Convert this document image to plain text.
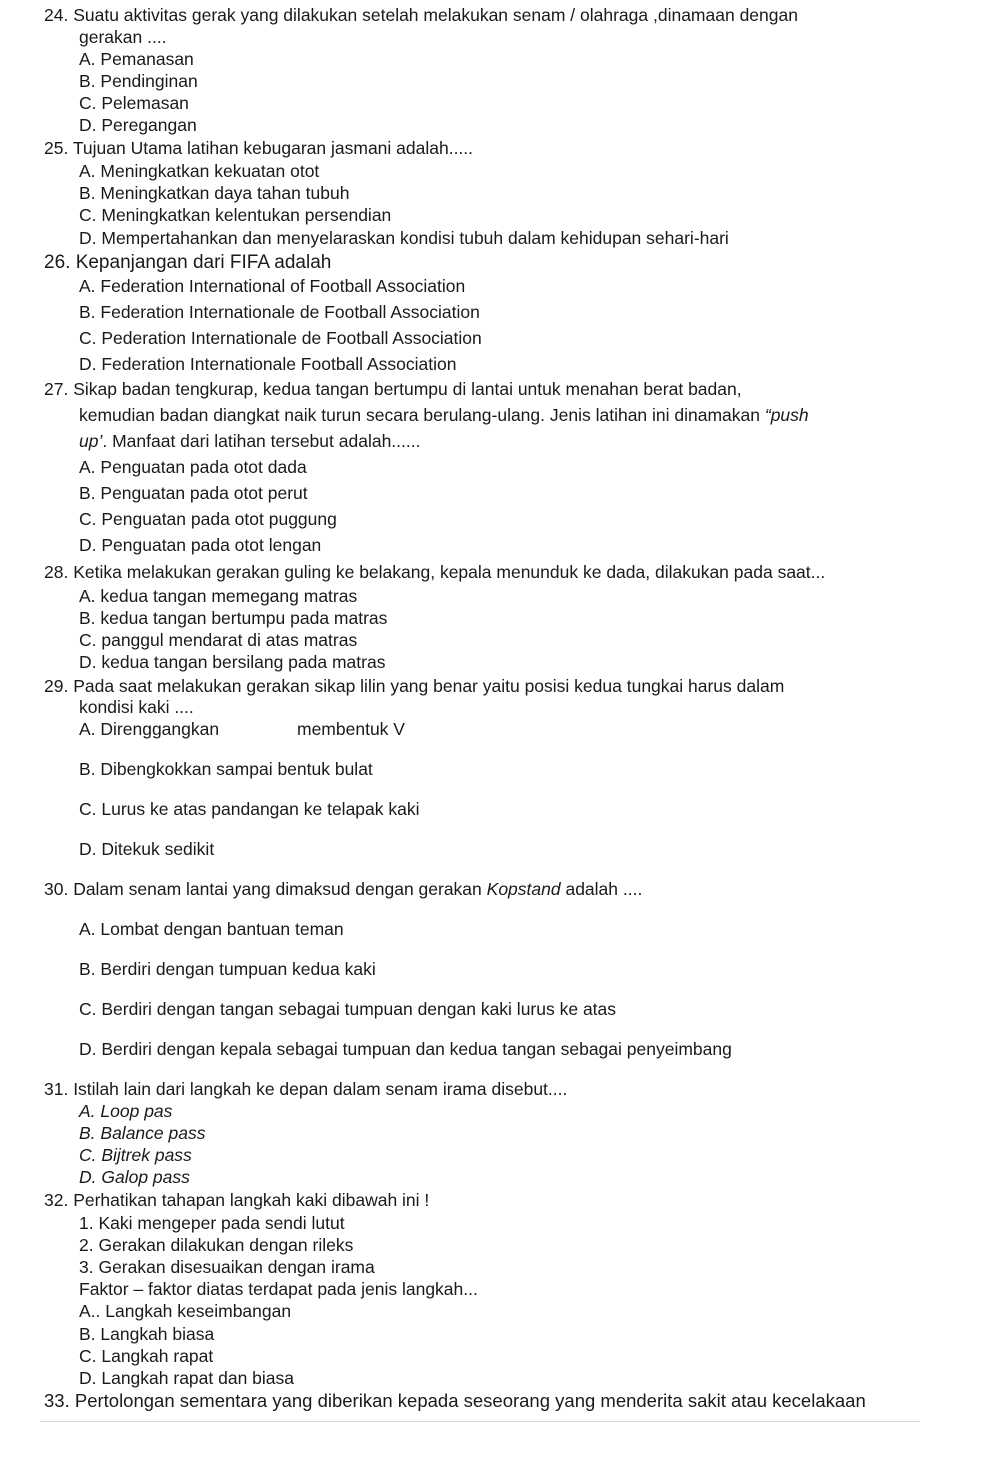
24. Suatu aktivitas gerak yang dilakukan setelah melakukan senam / olahraga ,dinamaan dengan
gerakan ....
A. Pemanasan
B. Pendinginan
C. Pelemasan
D. Peregangan
25. Tujuan Utama latihan kebugaran jasmani adalah.....
A. Meningkatkan kekuatan otot
B. Meningkatkan daya tahan tubuh
C. Meningkatkan kelentukan persendian
D. Mempertahankan dan menyelaraskan kondisi tubuh dalam kehidupan sehari-hari
26. Kepanjangan dari FIFA adalah
A. Federation International of Football Association
B. Federation Internationale de Football Association
C. Pederation Internationale de Football Association
D. Federation Internationale Football Association
27. Sikap badan tengkurap, kedua tangan bertumpu di lantai untuk menahan berat badan,
kemudian badan diangkat naik turun secara berulang-ulang. Jenis latihan ini dinamakan “push
up’. Manfaat dari latihan tersebut adalah......
A. Penguatan pada otot dada
B. Penguatan pada otot perut
C. Penguatan pada otot puggung
D. Penguatan pada otot lengan
28. Ketika melakukan gerakan guling ke belakang, kepala menunduk ke dada, dilakukan pada saat...
A. kedua tangan memegang matras
B. kedua tangan bertumpu pada matras
C. panggul mendarat di atas matras
D. kedua tangan bersilang pada matras
29. Pada saat melakukan gerakan sikap lilin yang benar yaitu posisi kedua tungkai harus dalam
kondisi kaki ....
A. Direnggangkan	membentuk V
B. Dibengkokkan sampai bentuk bulat
C. Lurus ke atas pandangan ke telapak kaki
D. Ditekuk sedikit
30. Dalam senam lantai yang dimaksud dengan gerakan Kopstand adalah ....
A. Lombat dengan bantuan teman
B. Berdiri dengan tumpuan kedua kaki
C. Berdiri dengan tangan sebagai tumpuan dengan kaki lurus ke atas
D. Berdiri dengan kepala sebagai tumpuan dan kedua tangan sebagai penyeimbang
31. Istilah lain dari langkah ke depan dalam senam irama disebut....
A. Loop pas
B. Balance pass
C. Bijtrek pass
D. Galop pass
32. Perhatikan tahapan langkah kaki dibawah ini !
1. Kaki mengeper pada sendi lutut
2. Gerakan dilakukan dengan rileks
3. Gerakan disesuaikan dengan irama
Faktor – faktor diatas terdapat pada jenis langkah...
A.. Langkah keseimbangan
B. Langkah biasa
C. Langkah rapat
D. Langkah rapat dan biasa
33. Pertolongan sementara yang diberikan kepada seseorang yang menderita sakit atau kecelakaan
